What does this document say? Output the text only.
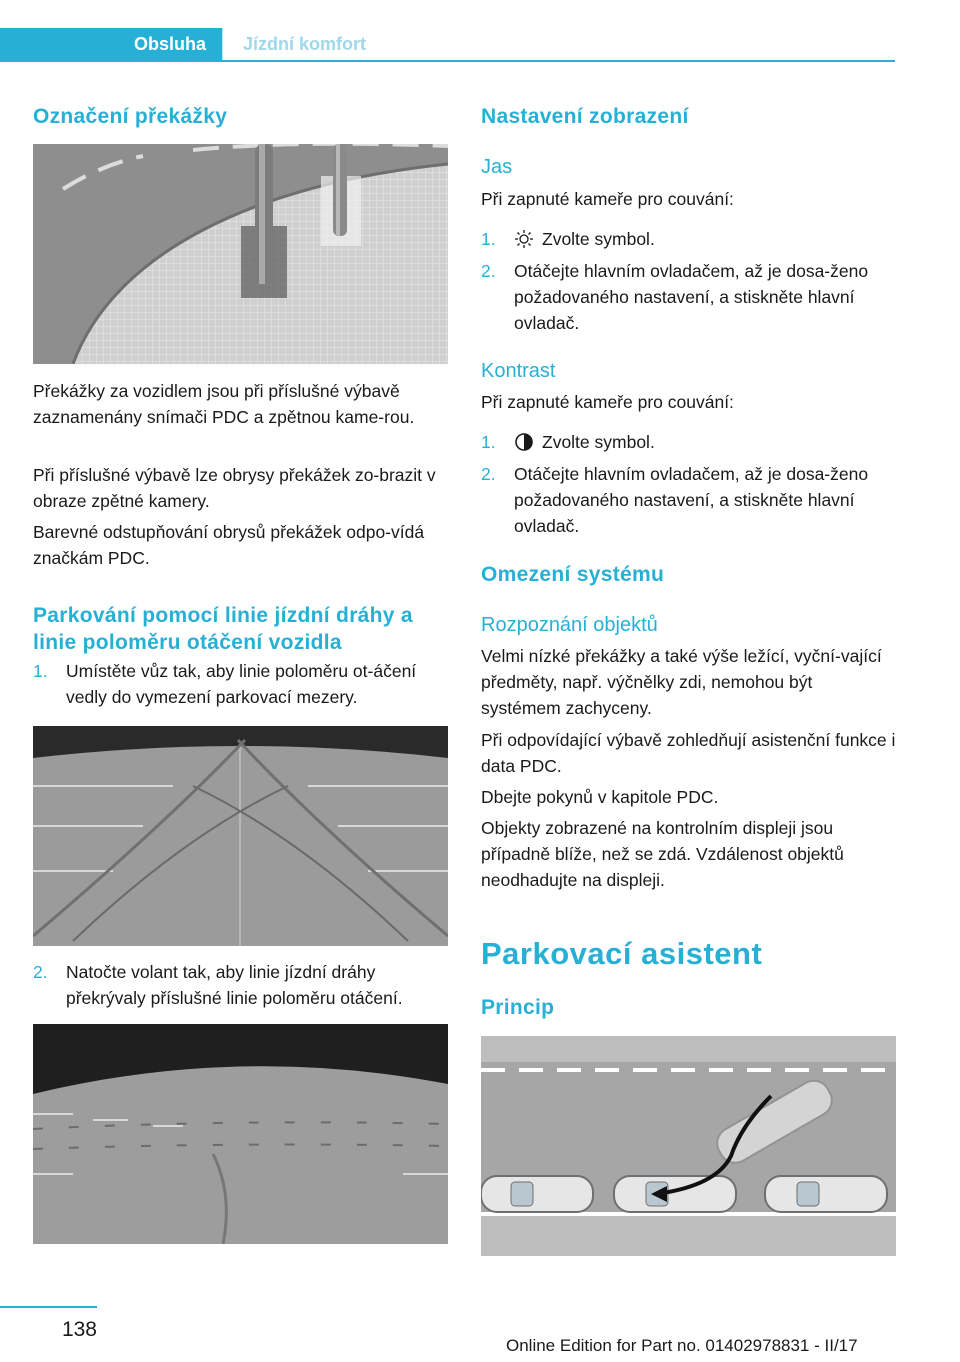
Obsluha Jízdní komfort
Označení překážky

Překážky za vozidlem jsou při příslušné výbavě zaznamenány snímači PDC a zpětnou kame‐rou.

Při příslušné výbavě lze obrysy překážek zo‐brazit v obraze zpětné kamery.

Barevné odstupňování obrysů překážek odpo‐vídá značkám PDC.

Parkování pomocí linie jízdní dráhy a
linie poloměru otáčení vozidla
1. Umístěte vůz tak, aby linie poloměru ot‐áčení vedly do vymezení parkovací mezery.
2. Natočte volant tak, aby linie jízdní dráhy překrývaly příslušné linie poloměru otáčení.
Nastavení zobrazení
Jas

Při zapnuté kameře pro couvání:

1.	Zvolte symbol.
2. Otáčejte hlavním ovladačem, až je dosa‐ženo požadovaného nastavení, a stiskněte hlavní ovladač.
Kontrast

Při zapnuté kameře pro couvání:

1.	Zvolte symbol.
2. Otáčejte hlavním ovladačem, až je dosa‐ženo požadovaného nastavení, a stiskněte hlavní ovladač.
Omezení systému
Rozpoznání objektů

Velmi nízké překážky a také výše ležící, vyční‐vající předměty, např. výčnělky zdi, nemohou být systémem zachyceny.

Při odpovídající výbavě zohledňují asistenční funkce i data PDC.

Dbejte pokynů v kapitole PDC.

Objekty zobrazené na kontrolním displeji jsou případně blíže, než se zdá. Vzdálenost objektů neodhadujte na displeji.

Parkovací asistent
Princip
138
Online Edition for Part no. 01402978831 - II/17
